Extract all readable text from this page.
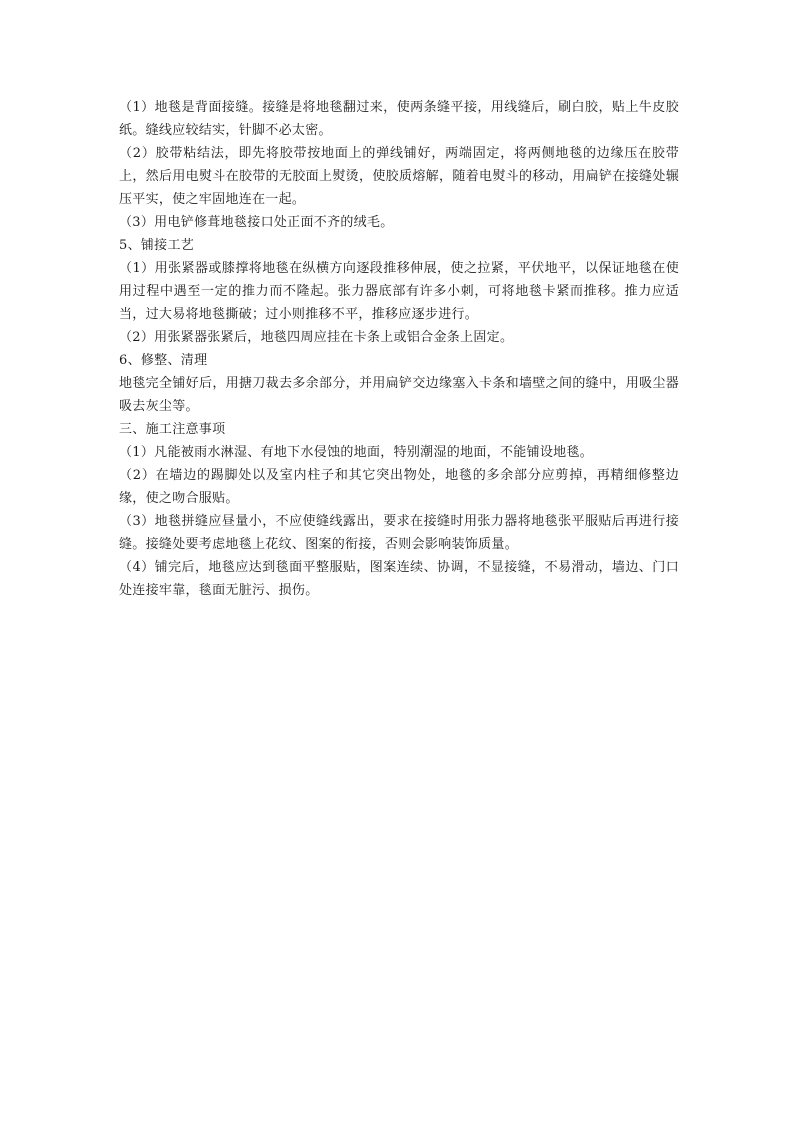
（1）地毯是背面接缝。接缝是将地毯翻过来，使两条缝平接，用线缝后，刷白胶，贴上牛皮胶纸。缝线应较结实，针脚不必太密。

（2）胶带粘结法，即先将胶带按地面上的弹线铺好，两端固定，将两侧地毯的边缘压在胶带上，然后用电熨斗在胶带的无胶面上熨烫，使胶质熔解，随着电熨斗的移动，用扁铲在接缝处辗压平实，使之牢固地连在一起。

（3）用电铲修葺地毯接口处正面不齐的绒毛。

5、铺接工艺

（1）用张紧器或膝撑将地毯在纵横方向逐段推移伸展，使之拉紧，平伏地平，以保证地毯在使用过程中遇至一定的推力而不隆起。张力器底部有许多小刺，可将地毯卡紧而推移。推力应适当，过大易将地毯撕破；过小则推移不平，推移应逐步进行。

（2）用张紧器张紧后，地毯四周应挂在卡条上或铝合金条上固定。

6、修整、清理

地毯完全铺好后，用搪刀裁去多余部分，并用扁铲交边缘塞入卡条和墙壁之间的缝中，用吸尘器吸去灰尘等。

三、施工注意事项

（1）凡能被雨水淋湿、有地下水侵蚀的地面，特别潮湿的地面，不能铺设地毯。

（2）在墙边的踢脚处以及室内柱子和其它突出物处，地毯的多余部分应剪掉，再精细修整边缘，使之吻合服贴。

（3）地毯拼缝应昼量小，不应使缝线露出，要求在接缝时用张力器将地毯张平服贴后再进行接缝。接缝处要考虑地毯上花纹、图案的衔接，否则会影响装饰质量。

（4）铺完后，地毯应达到毯面平整服贴，图案连续、协调，不显接缝，不易滑动，墙边、门口处连接牢靠，毯面无脏污、损伤。
